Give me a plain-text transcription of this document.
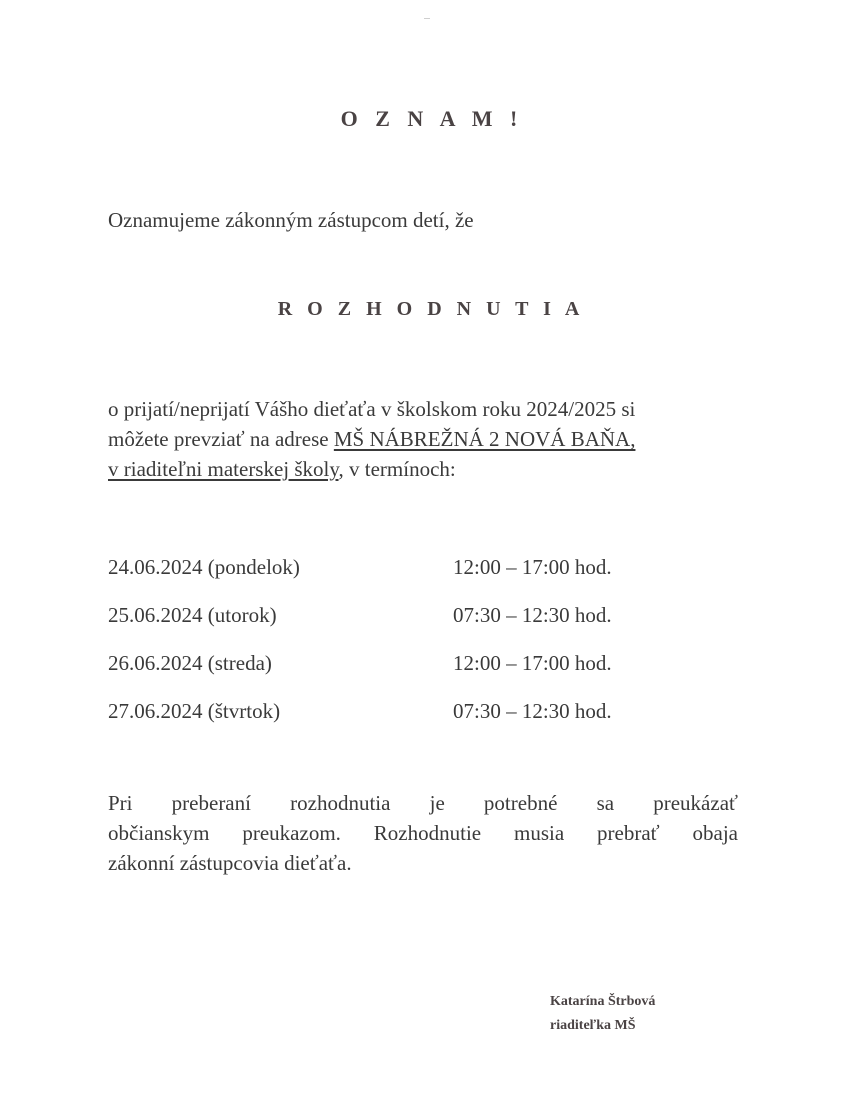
O Z N A M !
Oznamujeme zákonným zástupcom detí, že
R O Z H O D N U T I A
o prijatí/neprijatí Vášho dieťaťa v školskom roku 2024/2025 si
môžete prevziať na adrese MŠ NÁBREŽNÁ 2 NOVÁ BAŇA,
v riaditeľni materskej školy, v termínoch:
24.06.2024 (pondelok)	12:00 – 17:00 hod.
25.06.2024 (utorok)	07:30 – 12:30 hod.
26.06.2024 (streda)	12:00 – 17:00 hod.
27.06.2024 (štvrtok)	07:30 – 12:30 hod.
Pri preberaní rozhodnutia je potrebné sa preukázať
občianskym preukazom. Rozhodnutie musia prebrať obaja
zákonní zástupcovia dieťaťa.
Katarína Štrbová
riaditeľka MŠ
